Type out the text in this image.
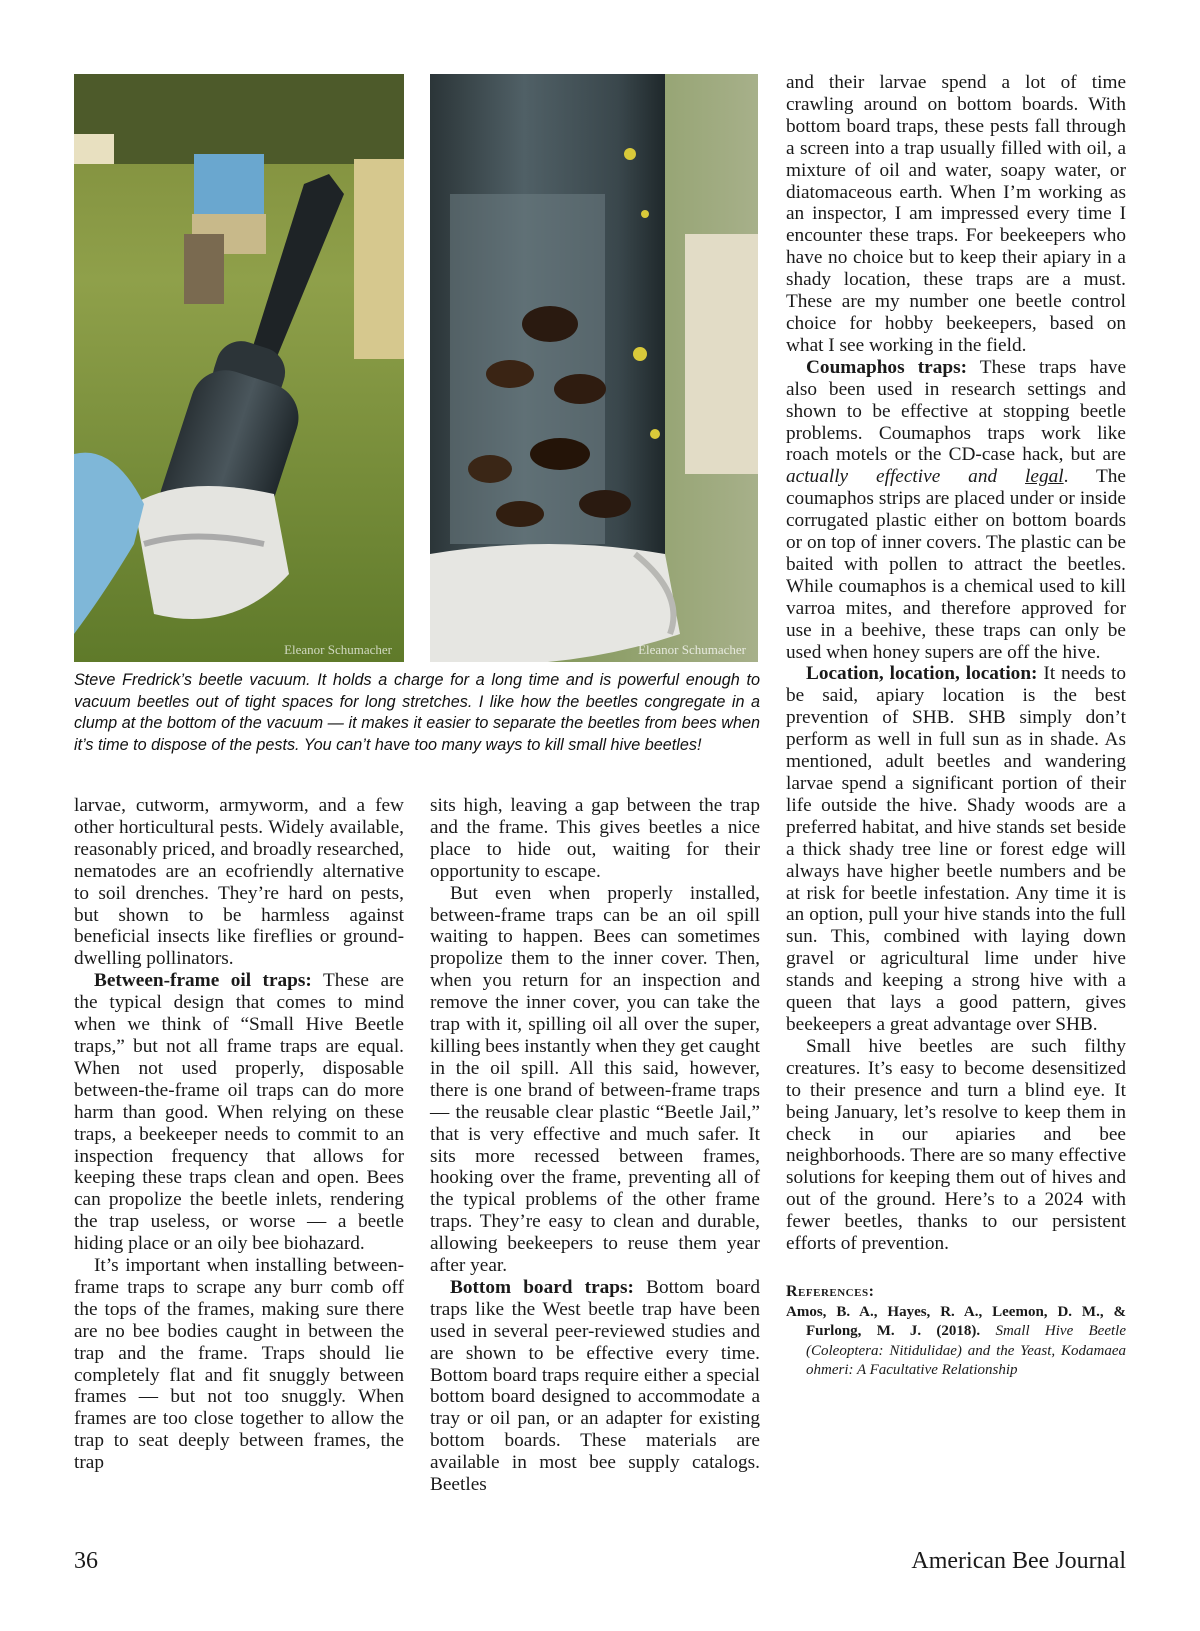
Eleanor Schumacher	Eleanor Schumacher

Steve Fredrick’s beetle vacuum. It holds a charge for a long time and is powerful enough to vacuum beetles out of tight spaces for long stretches. I like how the beetles congregate in a clump at the bottom of the vacuum — it makes it easier to separate the beetles from bees when it’s time to dispose of the pests. You can’t have too many ways to kill small hive beetles!

larvae, cutworm, armyworm, and a few other horticultural pests. Widely available, reasonably priced, and broadly researched, nematodes are an ecofriendly alternative to soil drenches. They’re hard on pests, but shown to be harmless against beneficial insects like fireflies or ground-dwelling pollinators.

Between-frame oil traps: These are the typical design that comes to mind when we think of “Small Hive Beetle traps,” but not all frame traps are equal. When not used properly, disposable between-the-frame oil traps can do more harm than good. When relying on these traps, a beekeeper needs to commit to an inspection frequency that allows for keeping these traps clean and open. Bees can propolize the beetle inlets, rendering the trap useless, or worse — a beetle hiding place or an oily bee biohazard.

It’s important when installing between-frame traps to scrape any burr comb off the tops of the frames, making sure there are no bee bodies caught in between the trap and the frame. Traps should lie completely flat and fit snuggly between frames — but not too snuggly. When frames are too close together to allow the trap to seat deeply between frames, the trap

sits high, leaving a gap between the trap and the frame. This gives beetles a nice place to hide out, waiting for their opportunity to escape.

But even when properly installed, between-frame traps can be an oil spill waiting to happen. Bees can sometimes propolize them to the inner cover. Then, when you return for an inspection and remove the inner cover, you can take the trap with it, spilling oil all over the super, killing bees instantly when they get caught in the oil spill. All this said, however, there is one brand of between-frame traps — the reusable clear plastic “Beetle Jail,” that is very effective and much safer. It sits more recessed between frames, hooking over the frame, preventing all of the typical problems of the other frame traps. They’re easy to clean and durable, allowing beekeepers to reuse them year after year.

Bottom board traps: Bottom board traps like the West beetle trap have been used in several peer-reviewed studies and are shown to be effective every time. Bottom board traps require either a special bottom board designed to accommodate a tray or oil pan, or an adapter for existing bottom boards. These materials are available in most bee supply catalogs. Beetles

and their larvae spend a lot of time crawling around on bottom boards. With bottom board traps, these pests fall through a screen into a trap usually filled with oil, a mixture of oil and water, soapy water, or diatomaceous earth. When I’m working as an inspector, I am impressed every time I encounter these traps. For beekeepers who have no choice but to keep their apiary in a shady location, these traps are a must. These are my number one beetle control choice for hobby beekeepers, based on what I see working in the field.

Coumaphos traps: These traps have also been used in research settings and shown to be effective at stopping beetle problems. Coumaphos traps work like roach motels or the CD-case hack, but are actually effective and legal. The coumaphos strips are placed under or inside corrugated plastic either on bottom boards or on top of inner covers. The plastic can be baited with pollen to attract the beetles. While coumaphos is a chemical used to kill varroa mites, and therefore approved for use in a beehive, these traps can only be used when honey supers are off the hive.

Location, location, location: It needs to be said, apiary location is the best prevention of SHB. SHB simply don’t perform as well in full sun as in shade. As mentioned, adult beetles and wandering larvae spend a significant portion of their life outside the hive. Shady woods are a preferred habitat, and hive stands set beside a thick shady tree line or forest edge will always have higher beetle numbers and be at risk for beetle infestation. Any time it is an option, pull your hive stands into the full sun. This, combined with laying down gravel or agricultural lime under hive stands and keeping a strong hive with a queen that lays a good pattern, gives beekeepers a great advantage over SHB.

Small hive beetles are such filthy creatures. It’s easy to become desensitized to their presence and turn a blind eye. It being January, let’s resolve to keep them in check in our apiaries and bee neighborhoods. There are so many effective solutions for keeping them out of hives and out of the ground. Here’s to a 2024 with fewer beetles, thanks to our persistent efforts of prevention.

References:

Amos, B. A., Hayes, R. A., Leemon, D. M., & Furlong, M. J. (2018). Small Hive Beetle (Coleoptera: Nitidulidae) and the Yeast, Kodamaea ohmeri: A Facultative Relationship

36	American Bee Journal
